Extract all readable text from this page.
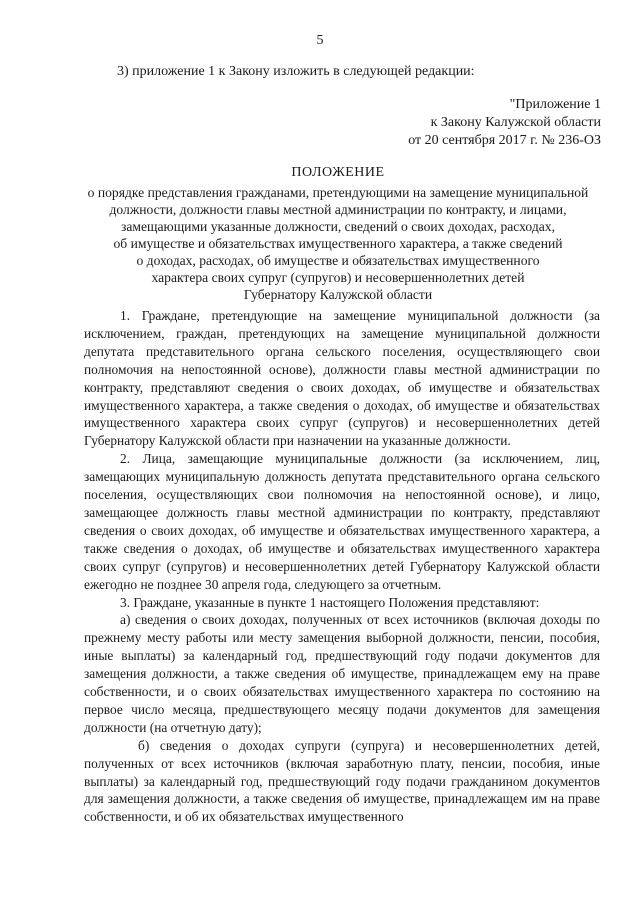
5
3) приложение 1 к Закону изложить в следующей редакции:
"Приложение 1
к Закону Калужской области
от 20 сентября 2017 г. № 236-ОЗ
ПОЛОЖЕНИЕ
о порядке представления гражданами, претендующими на замещение муниципальной
должности, должности главы местной администрации по контракту, и лицами,
замещающими указанные должности, сведений о своих доходах, расходах,
об имуществе и обязательствах имущественного характера, а также сведений
о доходах, расходах, об имуществе и обязательствах имущественного
характера своих супруг (супругов) и несовершеннолетних детей
Губернатору Калужской области

1. Граждане, претендующие на замещение муниципальной должности (за исключением, граждан, претендующих на замещение муниципальной должности депутата представительного органа сельского поселения, осуществляющего свои полномочия на непостоянной основе), должности главы местной администрации по контракту, представляют сведения о своих доходах, об имуществе и обязательствах имущественного характера, а также сведения о доходах, об имуществе и обязательствах имущественного характера своих супруг (супругов) и несовершеннолетних детей Губернатору Калужской области при назначении на указанные должности.

2. Лица, замещающие муниципальные должности (за исключением, лиц, замещающих муниципальную должность депутата представительного органа сельского поселения, осуществляющих свои полномочия на непостоянной основе), и лицо, замещающее должность главы местной администрации по контракту, представляют сведения о своих доходах, об имуществе и обязательствах имущественного характера, а также сведения о доходах, об имуществе и обязательствах имущественного характера своих супруг (супругов) и несовершеннолетних детей Губернатору Калужской области ежегодно не позднее 30 апреля года, следующего за отчетным.

3. Граждане, указанные в пункте 1 настоящего Положения представляют:

а) сведения о своих доходах, полученных от всех источников (включая доходы по прежнему месту работы или месту замещения выборной должности, пенсии, пособия, иные выплаты) за календарный год, предшествующий году подачи документов для замещения должности, а также сведения об имуществе, принадлежащем ему на праве собственности, и о своих обязательствах имущественного характера по состоянию на первое число месяца, предшествующего месяцу подачи документов для замещения должности (на отчетную дату);

б) сведения о доходах супруги (супруга) и несовершеннолетних детей, полученных от всех источников (включая заработную плату, пенсии, пособия, иные выплаты) за календарный год, предшествующий году подачи гражданином документов для замещения должности, а также сведения об имуществе, принадлежащем им на праве собственности, и об их обязательствах имущественного
